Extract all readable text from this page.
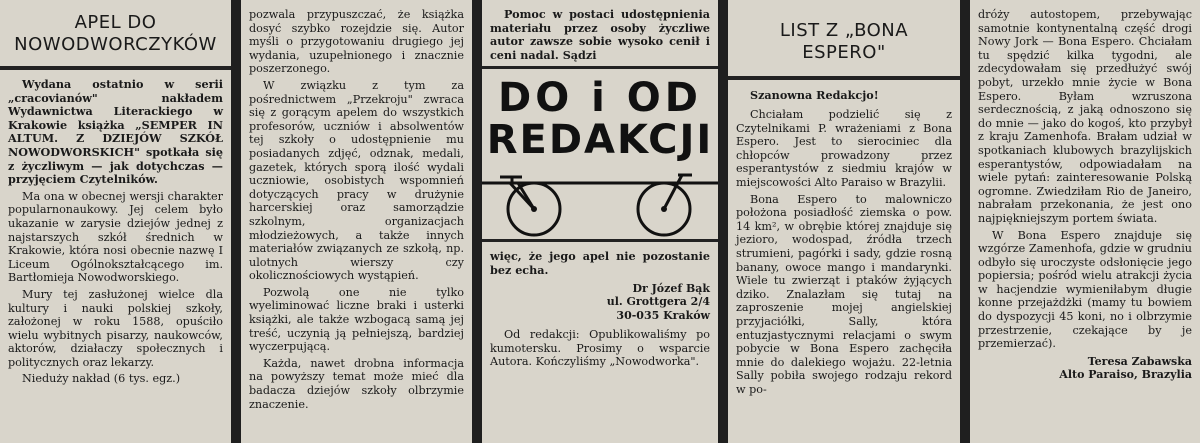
APEL DO NOWODWORCZYKÓW

Wydana ostatnio w serii „cracovianów" nakładem Wydawnictwa Literackiego w Krakowie książka „SEMPER IN ALTUM. Z DZIEJÓW SZKÓŁ NOWODWORSKICH" spotkała się z życzliwym — jak dotychczas — przyjęciem Czytelników.

Ma ona w obecnej wersji charakter popularnonaukowy. Jej celem było ukazanie w zarysie dziejów jednej z najstarszych szkół średnich w Krakowie, która nosi obecnie nazwę I Liceum Ogólnokształcącego im. Bartłomieja Nowodworskiego.

Mury tej zasłużonej wielce dla kultury i nauki polskiej szkoły, założonej w roku 1588, opuściło wielu wybitnych pisarzy, naukowców, aktorów, działaczy społecznych i politycznych oraz lekarzy.

Nieduży nakład (6 tys. egz.)

pozwala przypuszczać, że książka dosyć szybko rozejdzie się. Autor myśli o przygotowaniu drugiego jej wydania, uzupełnionego i znacznie poszerzonego.

W związku z tym za pośrednictwem „Przekroju" zwraca się z gorącym apelem do wszystkich profesorów, uczniów i absolwentów tej szkoły o udostępnienie mu posiadanych zdjęć, odznak, medali, gazetek, których sporą ilość wydali uczniowie, osobistych wspomnień dotyczących pracy w drużynie harcerskiej oraz samorządzie szkolnym, organizacjach młodzieżowych, a także innych materiałów związanych ze szkołą, np. ulotnych wierszy czy okolicznościowych wystąpień.

Pozwolą one nie tylko wyeliminować liczne braki i usterki książki, ale także wzbogacą samą jej treść, uczynią ją pełniejszą, bardziej wyczerpującą.

Każda, nawet drobna informacja na powyższy temat może mieć dla badacza dziejów szkoły olbrzymie znaczenie.

Pomoc w postaci udostępnienia materiału przez osoby życzliwe autor zawsze sobie wysoko cenił i ceni nadal. Sądzi

DO i OD
REDAKCJI

więc, że jego apel nie pozostanie bez echa.

Dr Józef Bąk
ul. Grottgera 2/4
30-035 Kraków

Od redakcji: Opublikowaliśmy po kumotersku. Prosimy o wsparcie Autora. Kończyliśmy „Nowodworka".

LIST Z „BONA ESPERO"
Szanowna Redakcjo!

Chciałam podzielić się z Czytelnikami P. wrażeniami z Bona Espero. Jest to sierociniec dla chłopców prowadzony przez esperantystów z siedmiu krajów w miejscowości Alto Paraiso w Brazylii.

Bona Espero to malowniczo położona posiadłość ziemska o pow. 14 km², w obrębie której znajduje się jezioro, wodospad, źródła trzech strumieni, pagórki i sady, gdzie rosną banany, owoce mango i mandarynki. Wiele tu zwierząt i ptaków żyjących dziko. Znalazłam się tutaj na zaproszenie mojej angielskiej przyjaciółki, Sally, która entuzjastycznymi relacjami o swym pobycie w Bona Espero zachęciła mnie do dalekiego wojażu. 22-letnia Sally pobiła swojego rodzaju rekord w po-

dróży autostopem, przebywając samotnie kontynentalną część drogi Nowy Jork — Bona Espero. Chciałam tu spędzić kilka tygodni, ale zdecydowałam się przedłużyć swój pobyt, urzekło mnie życie w Bona Espero. Byłam wzruszona serdecznością, z jaką odnoszono się do mnie — jako do kogoś, kto przybył z kraju Zamenhofa. Brałam udział w spotkaniach klubowych brazylijskich esperantystów, odpowiadałam na wiele pytań: zainteresowanie Polską ogromne. Zwiedziłam Rio de Janeiro, nabrałam przekonania, że jest ono najpiękniejszym portem świata.

W Bona Espero znajduje się wzgórze Zamenhofa, gdzie w grudniu odbyło się uroczyste odsłonięcie jego popiersia; pośród wielu atrakcji życia w hacjendzie wymieniłabym długie konne przejażdżki (mamy tu bowiem do dyspozycji 45 koni, no i olbrzymie przestrzenie, czekające by je przemierzać).

Teresa Zabawska
Alto Paraiso, Brazylia
